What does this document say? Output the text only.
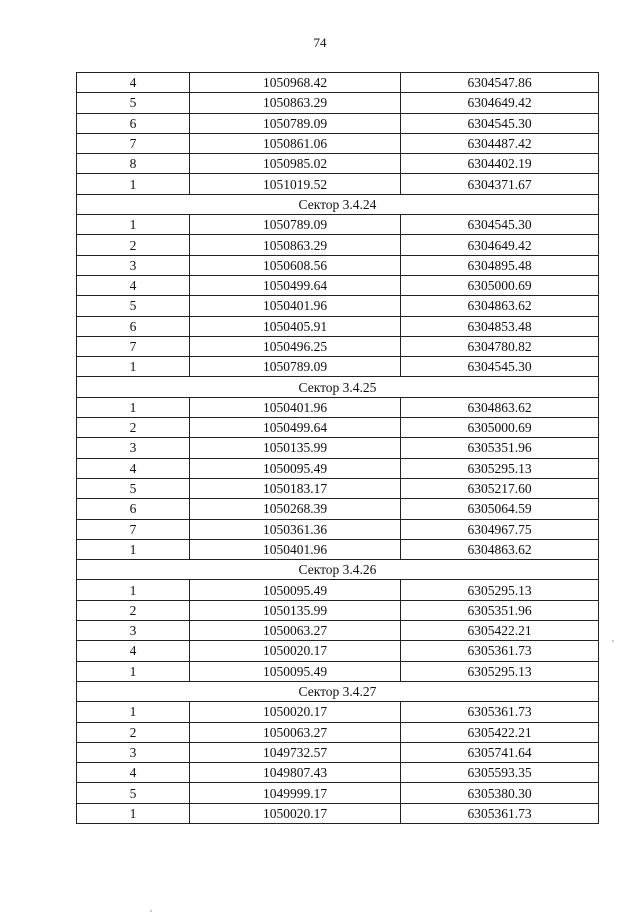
74
4	1050968.42	6304547.86
5	1050863.29	6304649.42
6	1050789.09	6304545.30
7	1050861.06	6304487.42
8	1050985.02	6304402.19
1	1051019.52	6304371.67
Сектор 3.4.24		
1	1050789.09	6304545.30
2	1050863.29	6304649.42
3	1050608.56	6304895.48
4	1050499.64	6305000.69
5	1050401.96	6304863.62
6	1050405.91	6304853.48
7	1050496.25	6304780.82
1	1050789.09	6304545.30
Сектор 3.4.25		
1	1050401.96	6304863.62
2	1050499.64	6305000.69
3	1050135.99	6305351.96
4	1050095.49	6305295.13
5	1050183.17	6305217.60
6	1050268.39	6305064.59
7	1050361.36	6304967.75
1	1050401.96	6304863.62
Сектор 3.4.26		
1	1050095.49	6305295.13
2	1050135.99	6305351.96
3	1050063.27	6305422.21
4	1050020.17	6305361.73
1	1050095.49	6305295.13
Сектор 3.4.27		
1	1050020.17	6305361.73
2	1050063.27	6305422.21
3	1049732.57	6305741.64
4	1049807.43	6305593.35
5	1049999.17	6305380.30
1	1050020.17	6305361.73
